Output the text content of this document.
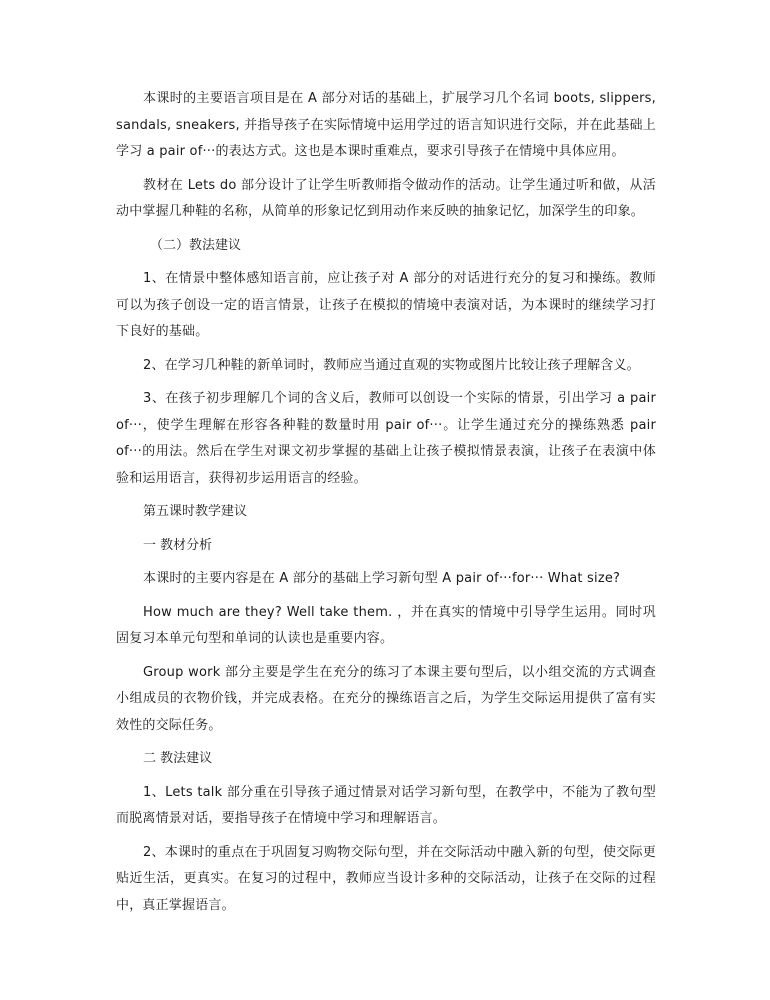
本课时的主要语言项目是在 A 部分对话的基础上，扩展学习几个名词 boots, slippers, sandals, sneakers, 并指导孩子在实际情境中运用学过的语言知识进行交际，并在此基础上学习 a pair of···的表达方式。这也是本课时重难点，要求引导孩子在情境中具体应用。

教材在 Lets do 部分设计了让学生听教师指令做动作的活动。让学生通过听和做，从活动中掌握几种鞋的名称，从简单的形象记忆到用动作来反映的抽象记忆，加深学生的印象。

（二）教法建议

1、在情景中整体感知语言前，应让孩子对 A 部分的对话进行充分的复习和操练。教师可以为孩子创设一定的语言情景，让孩子在模拟的情境中表演对话，为本课时的继续学习打下良好的基础。

2、在学习几种鞋的新单词时，教师应当通过直观的实物或图片比较让孩子理解含义。

3、在孩子初步理解几个词的含义后，教师可以创设一个实际的情景，引出学习 a pair of···，使学生理解在形容各种鞋的数量时用 pair of···。让学生通过充分的操练熟悉 pair of···的用法。然后在学生对课文初步掌握的基础上让孩子模拟情景表演，让孩子在表演中体验和运用语言，获得初步运用语言的经验。

第五课时教学建议

一 教材分析

本课时的主要内容是在 A 部分的基础上学习新句型 A pair of···for··· What size?

How much are they? Well take them. ，并在真实的情境中引导学生运用。同时巩固复习本单元句型和单词的认读也是重要内容。

Group work 部分主要是学生在充分的练习了本课主要句型后，以小组交流的方式调查小组成员的衣物价钱，并完成表格。在充分的操练语言之后，为学生交际运用提供了富有实效性的交际任务。

二 教法建议

1、Lets talk 部分重在引导孩子通过情景对话学习新句型，在教学中，不能为了教句型而脱离情景对话，要指导孩子在情境中学习和理解语言。

2、本课时的重点在于巩固复习购物交际句型，并在交际活动中融入新的句型，使交际更贴近生活，更真实。在复习的过程中，教师应当设计多种的交际活动，让孩子在交际的过程中，真正掌握语言。
